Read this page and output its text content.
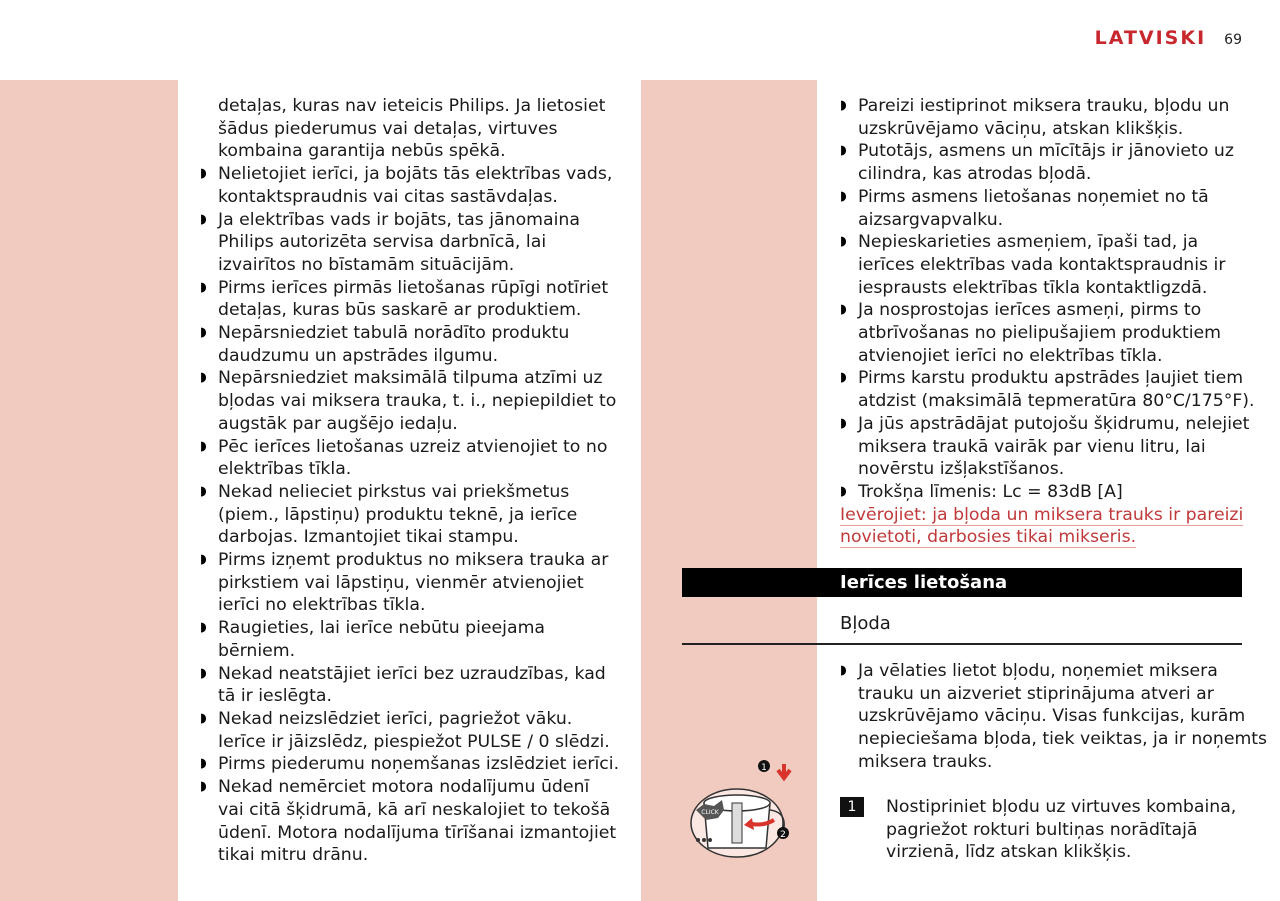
LATVISKI 69
detaļas, kuras nav ieteicis Philips. Ja lietosiet šādus piederumus vai detaļas, virtuves kombaina garantija nebūs spēkā.
◗ Nelietojiet ierīci, ja bojāts tās elektrības vads, kontaktspraudnis vai citas sastāvdaļas.
◗ Ja elektrības vads ir bojāts, tas jānomaina Philips autorizēta servisa darbnīcā, lai izvairītos no bīstamām situācijām.
◗ Pirms ierīces pirmās lietošanas rūpīgi notīriet detaļas, kuras būs saskarē ar produktiem.
◗ Nepārsniedziet tabulā norādīto produktu daudzumu un apstrādes ilgumu.
◗ Nepārsniedziet maksimālā tilpuma atzīmi uz bļodas vai miksera trauka, t. i., nepiepildiet to augstāk par augšējo iedaļu.
◗ Pēc ierīces lietošanas uzreiz atvienojiet to no elektrības tīkla.
◗ Nekad nelieciet pirkstus vai priekšmetus (piem., lāpstiņu) produktu teknē, ja ierīce darbojas. Izmantojiet tikai stampu.
◗ Pirms izņemt produktus no miksera trauka ar pirkstiem vai lāpstiņu, vienmēr atvienojiet ierīci no elektrības tīkla.
◗ Raugieties, lai ierīce nebūtu pieejama bērniem.
◗ Nekad neatstājiet ierīci bez uzraudzības, kad tā ir ieslēgta.
◗ Nekad neizslēdziet ierīci, pagriežot vāku. Ierīce ir jāizslēdz, piespiežot PULSE / 0 slēdzi.
◗ Pirms piederumu noņemšanas izslēdziet ierīci.
◗ Nekad nemērciet motora nodalījumu ūdenī vai citā šķidrumā, kā arī neskalojiet to tekošā ūdenī. Motora nodalījuma tīrīšanai izmantojiet tikai mitru drānu.
◗ Pareizi iestiprinot miksera trauku, bļodu un uzskrūvējamo vāciņu, atskan klikšķis.
◗ Putotājs, asmens un mīcītājs ir jānovieto uz cilindra, kas atrodas bļodā.
◗ Pirms asmens lietošanas noņemiet no tā aizsargvapvalku.
◗ Nepieskarieties asmeņiem, īpaši tad, ja ierīces elektrības vada kontaktspraudnis ir iesprausts elektrības tīkla kontaktligzdā.
◗ Ja nosprostojas ierīces asmeņi, pirms to atbrīvošanas no pielipušajiem produktiem atvienojiet ierīci no elektrības tīkla.
◗ Pirms karstu produktu apstrādes ļaujiet tiem atdzist (maksimālā tepmeratūra 80°C/175°F).
◗ Ja jūs apstrādājat putojošu šķidrumu, nelejiet miksera traukā vairāk par vienu litru, lai novērstu izšļakstīšanos.
◗ Trokšņa līmenis: Lc = 83dB [A]
Ievērojiet: ja bļoda un miksera trauks ir pareizi novietoti, darbosies tikai mikseris.
Ierīces lietošana
Bļoda
◗ Ja vēlaties lietot bļodu, noņemiet miksera trauku un aizveriet stiprinājuma atveri ar uzskrūvējamo vāciņu. Visas funkcijas, kurām nepieciešama bļoda, tiek veiktas, ja ir noņemts miksera trauks.
1
2
CLICK	1	Nostipriniet bļodu uz virtuves kombaina, pagriežot rokturi bultiņas norādītajā virzienā, līdz atskan klikšķis.
